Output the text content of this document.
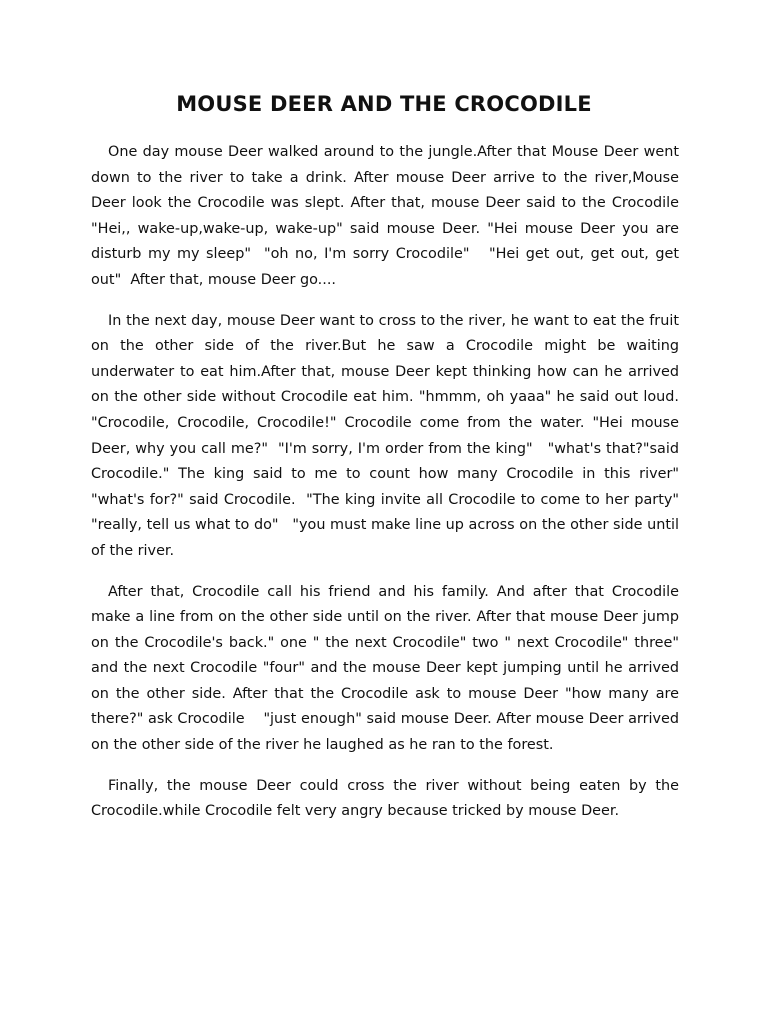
MOUSE DEER AND THE CROCODILE

One day mouse Deer walked around to the jungle.After that Mouse Deer went down to the river to take a drink. After mouse Deer arrive to the river,Mouse Deer look the Crocodile was slept. After that, mouse Deer said to the Crocodile "Hei,, wake-up,wake-up, wake-up" said mouse Deer. "Hei mouse Deer you are disturb my my sleep"  "oh no, I'm sorry Crocodile"   "Hei get out, get out, get out"  After that, mouse Deer go....

In the next day, mouse Deer want to cross to the river, he want to eat the fruit on the other side of the river.But he saw a Crocodile might be waiting underwater to eat him.After that, mouse Deer kept thinking how can he arrived on the other side without Crocodile eat him. "hmmm, oh yaaa" he said out loud. "Crocodile, Crocodile, Crocodile!" Crocodile come from the water. "Hei mouse Deer, why you call me?"  "I'm sorry, I'm order from the king"   "what's that?"said Crocodile." The king said to me to count how many Crocodile in this river"  "what's for?" said Crocodile.  "The king invite all Crocodile to come to her party"   "really, tell us what to do"   "you must make line up across on the other side until of the river.

After that, Crocodile call his friend and his family. And after that Crocodile make a line from on the other side until on the river. After that mouse Deer jump on the Crocodile's back." one " the next Crocodile" two " next Crocodile" three" and the next Crocodile "four" and the mouse Deer kept jumping until he arrived on the other side. After that the Crocodile ask to mouse Deer "how many are there?" ask Crocodile    "just enough" said mouse Deer. After mouse Deer arrived on the other side of the river he laughed as he ran to the forest.

Finally, the mouse Deer could cross the river without being eaten by the Crocodile.while Crocodile felt very angry because tricked by mouse Deer.
